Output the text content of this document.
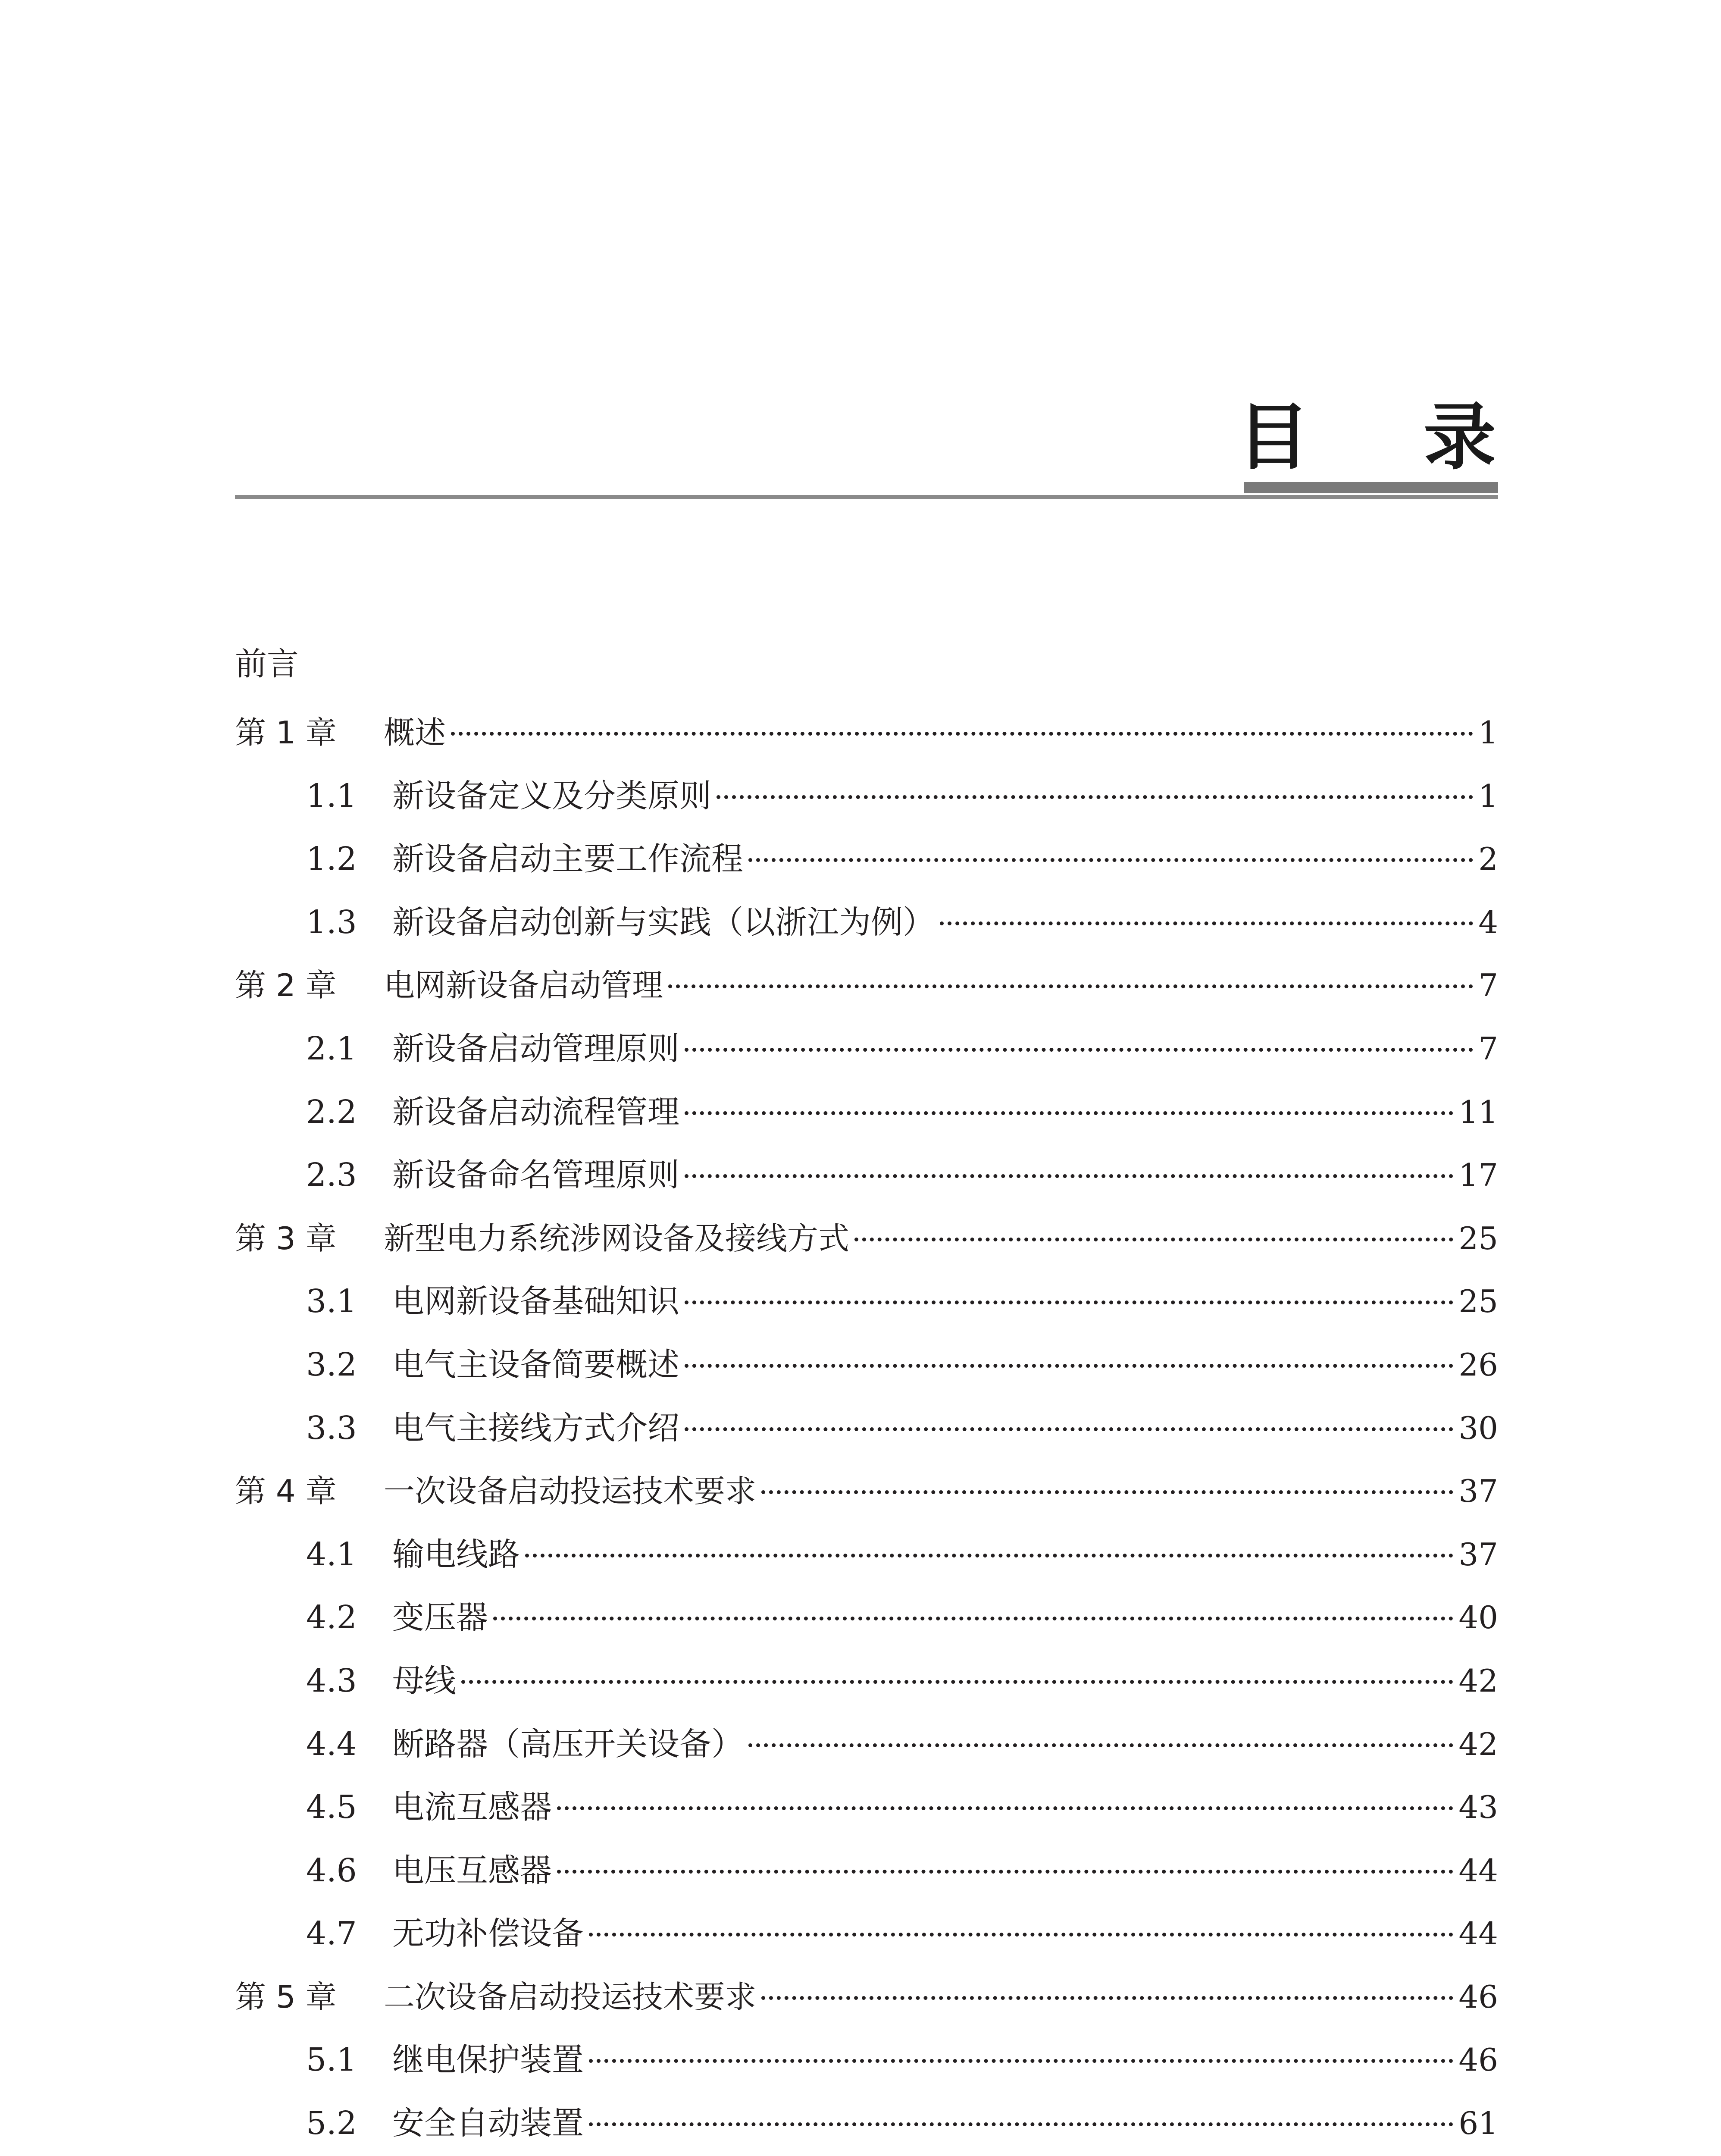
目 录
前言
第 1 章	概述	1
1.1	新设备定义及分类原则	1
1.2	新设备启动主要工作流程	2
1.3	新设备启动创新与实践（以浙江为例）	4
第 2 章	电网新设备启动管理	7
2.1	新设备启动管理原则	7
2.2	新设备启动流程管理	11
2.3	新设备命名管理原则	17
第 3 章	新型电力系统涉网设备及接线方式	25
3.1	电网新设备基础知识	25
3.2	电气主设备简要概述	26
3.3	电气主接线方式介绍	30
第 4 章	一次设备启动投运技术要求	37
4.1	输电线路	37
4.2	变压器	40
4.3	母线	42
4.4	断路器（高压开关设备）	42
4.5	电流互感器	43
4.6	电压互感器	44
4.7	无功补偿设备	44
第 5 章	二次设备启动投运技术要求	46
5.1	继电保护装置	46
5.2	安全自动装置	61
